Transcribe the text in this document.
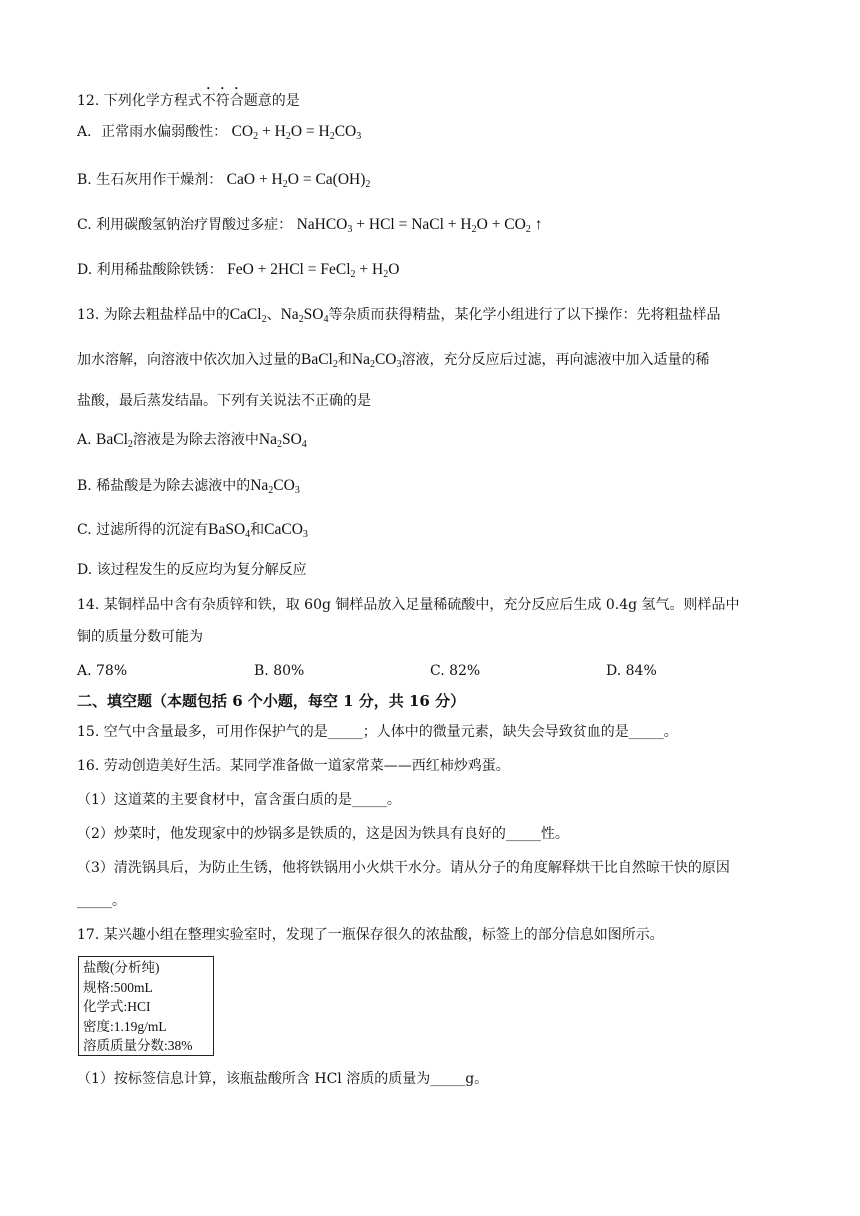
12. 下列化学方程式不符合题意的是
A．正常雨水偏弱酸性： $CO_2 + H_2O = H_2CO_3$
B. 生石灰用作干燥剂： CaO + $H_2O = Ca(OH)_2$
C. 利用碳酸氢钠治疗胃酸过多症： NaHCO$_3$ + HCl = NaCl + $H_2O + CO_2$ ↑
D. 利用稀盐酸除铁锈： FeO + 2HCl = FeCl$_2$ + $H_2O$
13. 为除去粗盐样品中的CaCl$_2$、$Na_2SO_4$等杂质而获得精盐，某化学小组进行了以下操作：先将粗盐样品
加水溶解，向溶液中依次加入过量的BaCl$_2$和$Na_2CO_3$溶液，充分反应后过滤，再向滤液中加入适量的稀
盐酸，最后蒸发结晶。下列有关说法不正确的是
A. BaCl$_2$溶液是为除去溶液中$Na_2SO_4$
B. 稀盐酸是为除去滤液中的$Na_2CO_3$
C. 过滤所得的沉淀有BaSO$_4$和CaCO$_3$
D. 该过程发生的反应均为复分解反应
14. 某铜样品中含有杂质锌和铁，取 60g 铜样品放入足量稀硫酸中，充分反应后生成 0.4g 氢气。则样品中
铜的质量分数可能为
A. 78%	B. 80%	C. 82%	D. 84%
二、填空题（本题包括 6 个小题，每空 1 分，共 16 分）
15. 空气中含量最多，可用作保护气的是_____；人体中的微量元素，缺失会导致贫血的是_____。
16. 劳动创造美好生活。某同学准备做一道家常菜——西红柿炒鸡蛋。
（1）这道菜的主要食材中，富含蛋白质的是_____。
（2）炒菜时，他发现家中的炒锅多是铁质的，这是因为铁具有良好的_____性。
（3）清洗锅具后，为防止生锈，他将铁锅用小火烘干水分。请从分子的角度解释烘干比自然晾干快的原因
_____。
17. 某兴趣小组在整理实验室时，发现了一瓶保存很久的浓盐酸，标签上的部分信息如图所示。
盐酸(分析纯)
规格:500mL
化学式:HCI
密度:1.19g/mL
溶质质量分数:38%
（1）按标签信息计算，该瓶盐酸所含 HCl 溶质的质量为_____g。
